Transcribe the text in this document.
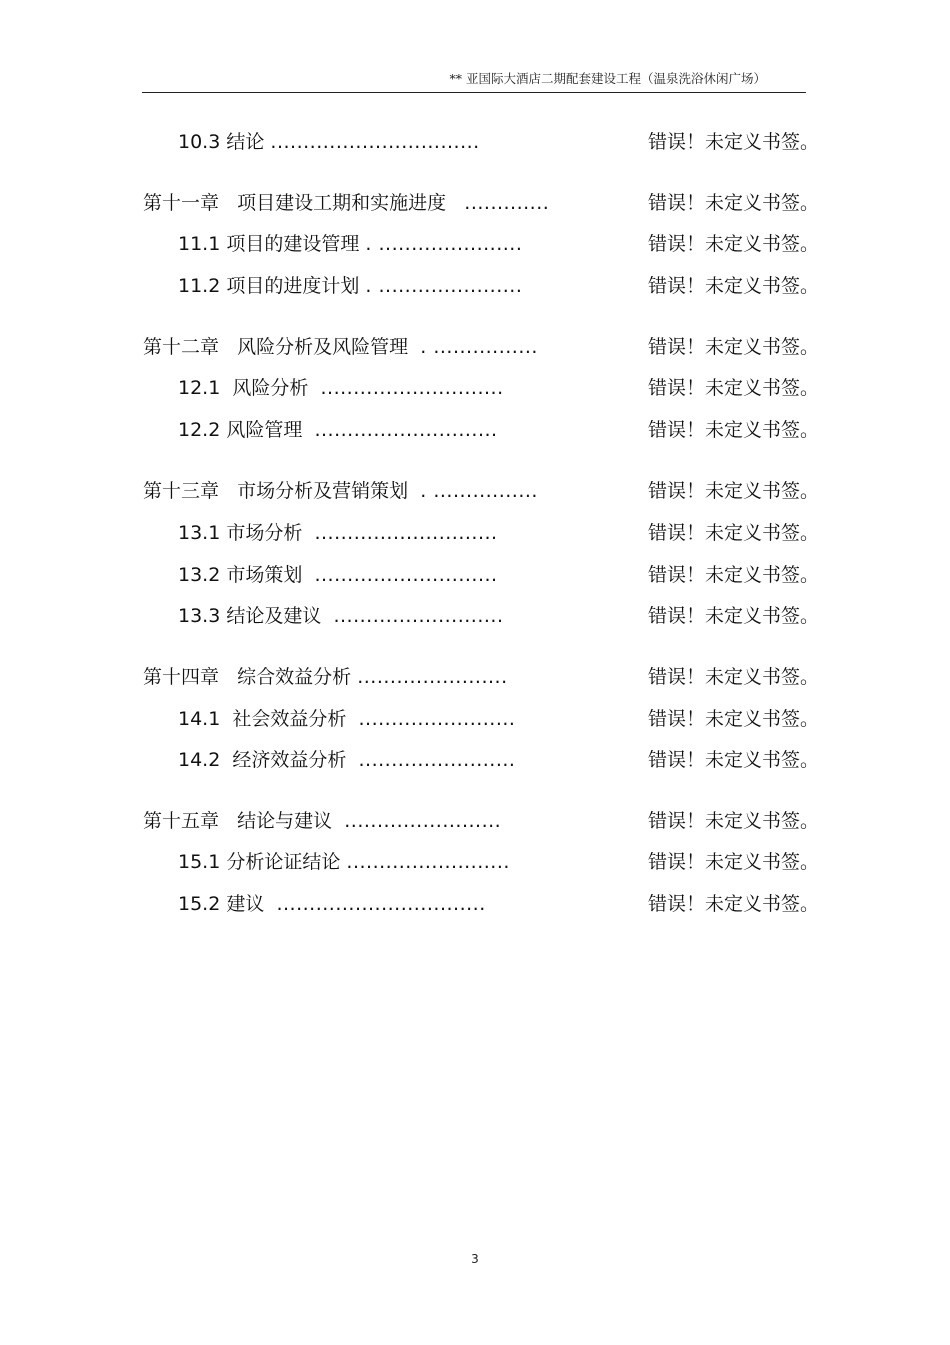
** 亚国际大酒店二期配套建设工程（温泉洗浴休闲广场）
10.3 结论 ................................	错误！未定义书签。
第十一章 项目建设工期和实施进度 .............	错误！未定义书签。
11.1 项目的建设管理 . ......................	错误！未定义书签。
11.2 项目的进度计划 . ......................	错误！未定义书签。
第十二章 风险分析及风险管理 . ................	错误！未定义书签。
12.1 风险分析 ............................	错误！未定义书签。
12.2 风险管理 ............................	错误！未定义书签。
第十三章 市场分析及营销策划 . ................	错误！未定义书签。
13.1 市场分析 ............................	错误！未定义书签。
13.2 市场策划 ............................	错误！未定义书签。
13.3 结论及建议 ..........................	错误！未定义书签。
第十四章 综合效益分析 .......................	错误！未定义书签。
14.1 社会效益分析 ........................	错误！未定义书签。
14.2 经济效益分析 ........................	错误！未定义书签。
第十五章 结论与建议 ........................	错误！未定义书签。
15.1 分析论证结论 .........................	错误！未定义书签。
15.2 建议 ................................	错误！未定义书签。
3
